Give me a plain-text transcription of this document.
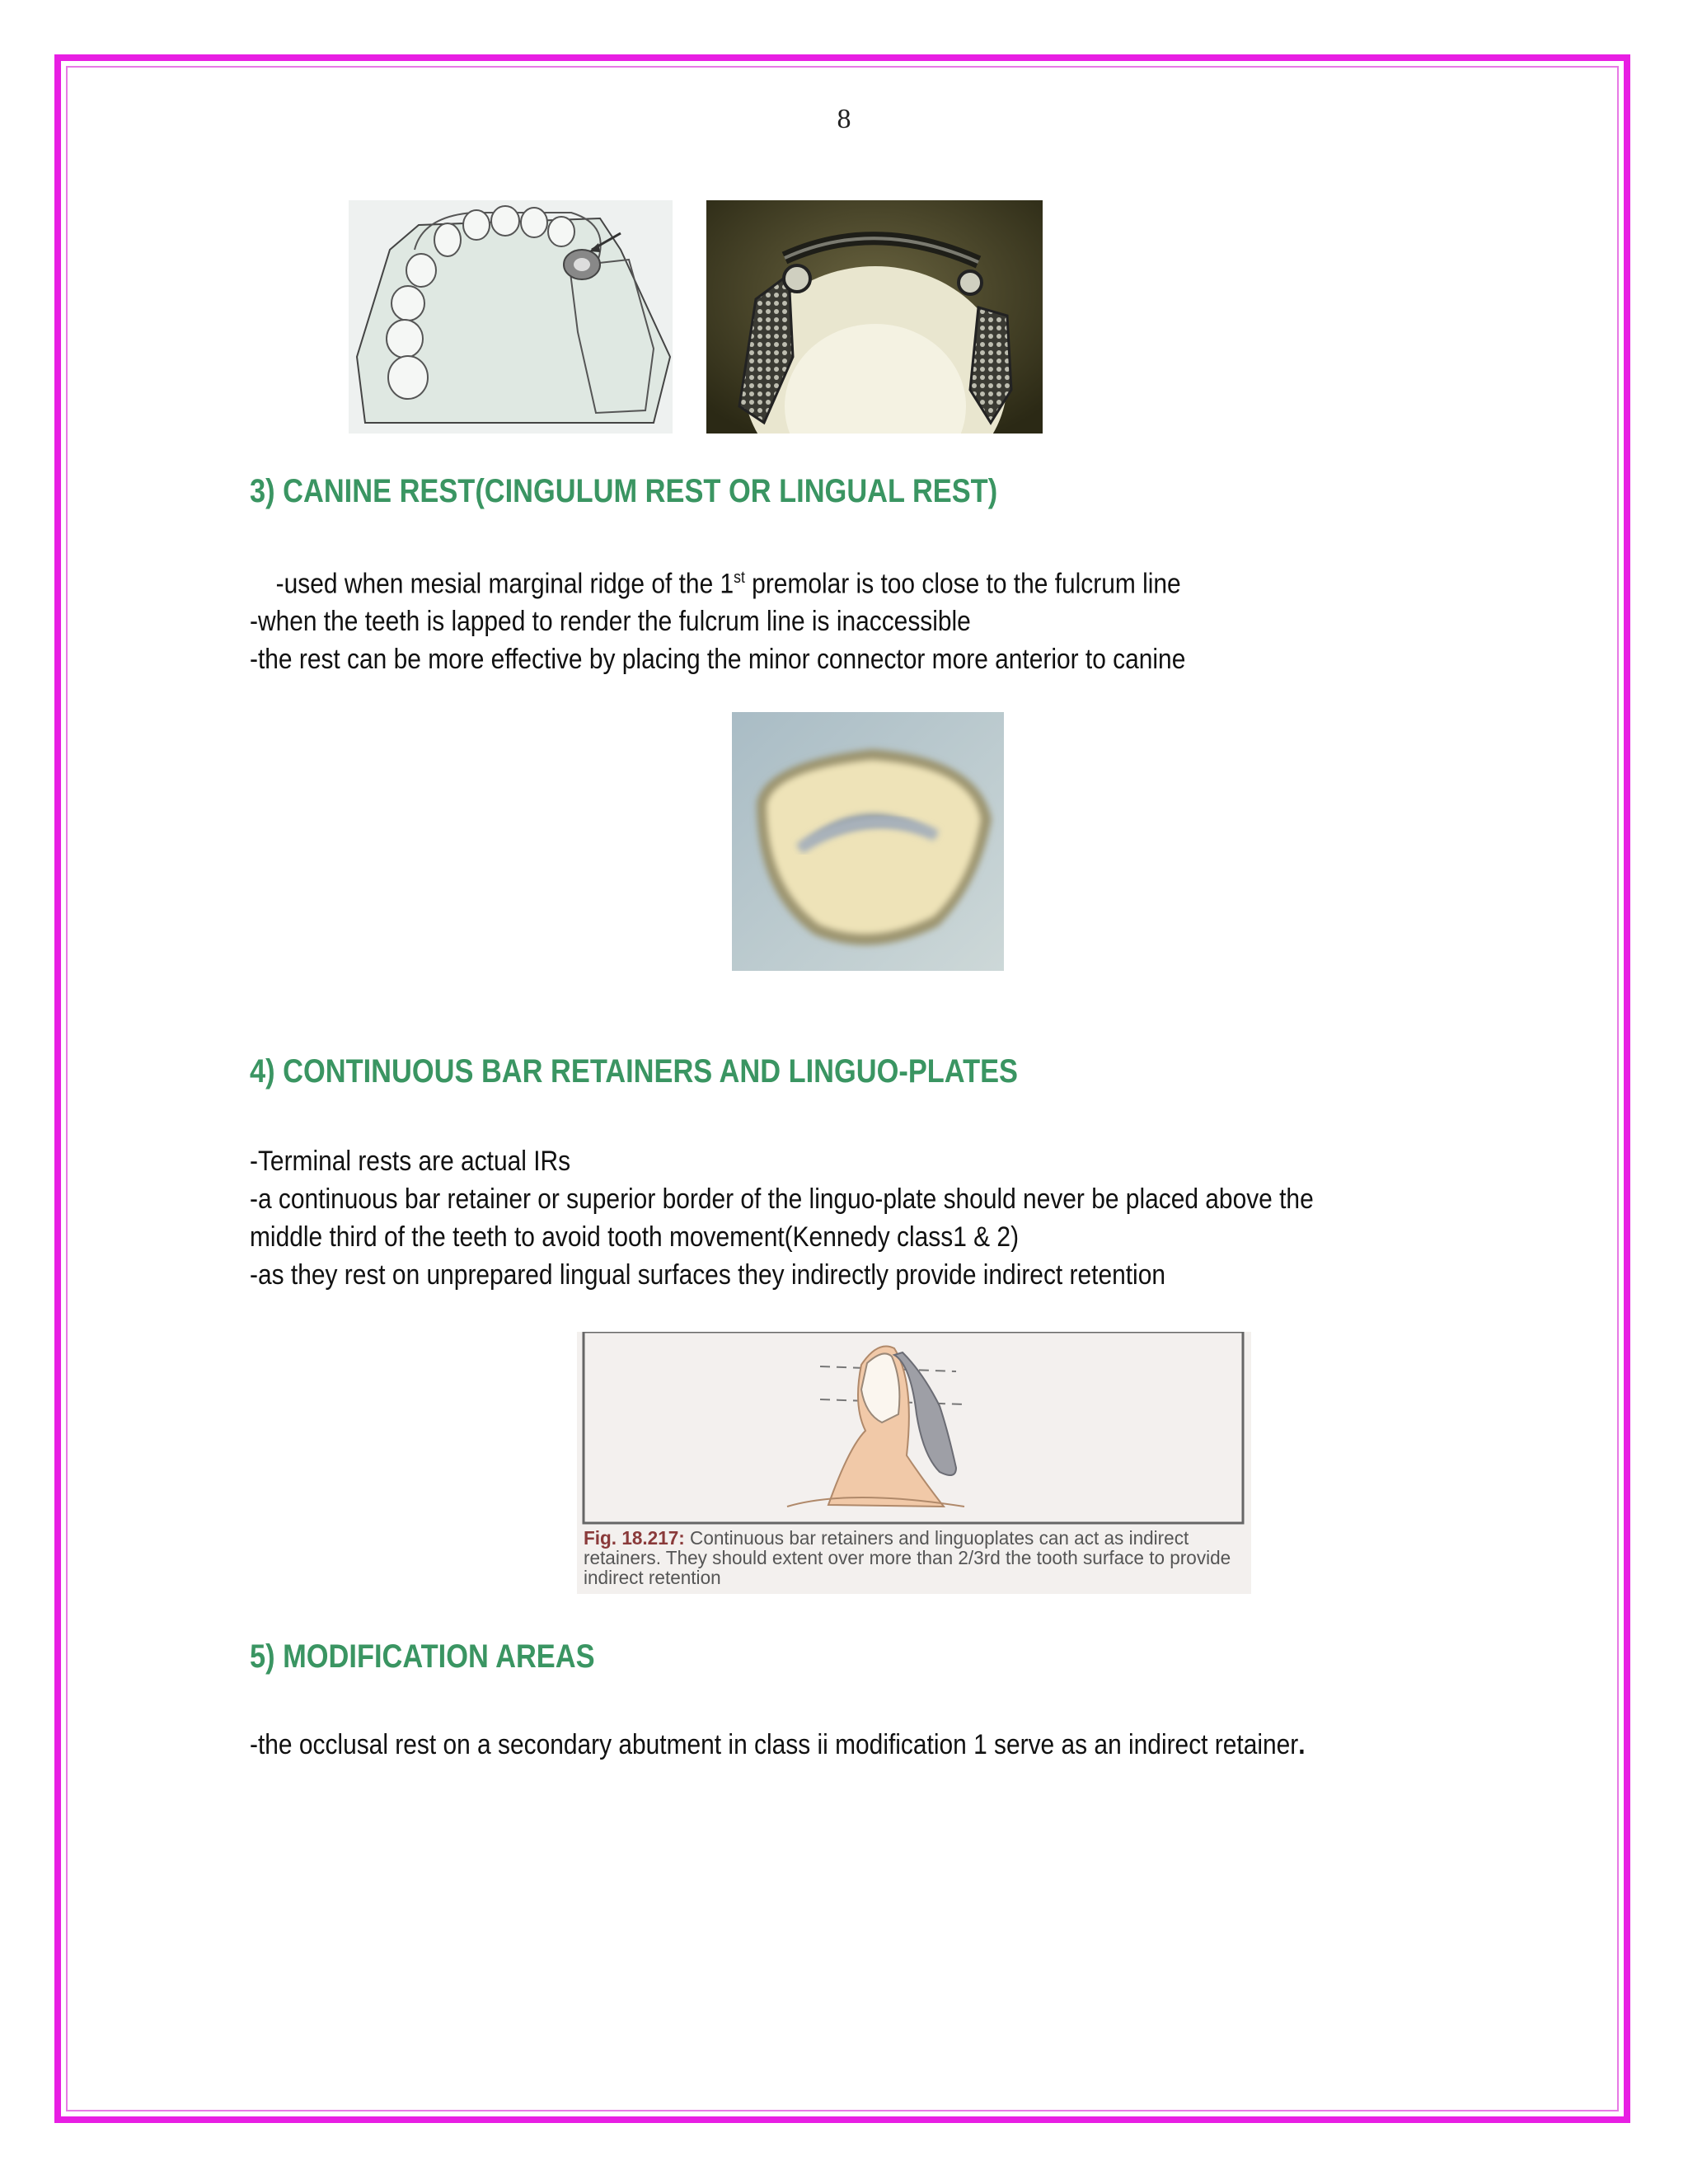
8
3) CANINE REST(CINGULUM REST OR LINGUAL REST)
-used when mesial marginal ridge of the 1st premolar is too close to the fulcrum line
-when the teeth is lapped to render the fulcrum line is inaccessible
-the rest can be more effective by placing the minor connector more anterior to canine
4) CONTINUOUS BAR RETAINERS AND LINGUO-PLATES
-Terminal rests are actual IRs
-a continuous bar retainer or superior border of the linguo-plate should never be placed above the
middle third of the teeth to avoid tooth movement(Kennedy class1 & 2)
-as they rest on unprepared lingual surfaces they indirectly provide indirect retention
Fig. 18.217: Continuous bar retainers and linguoplates can act as indirect retainers. They should extent over more than 2/3rd the tooth surface to provide indirect retention
5) MODIFICATION AREAS
-the occlusal rest on a secondary abutment in class ii modification 1 serve as an indirect retainer.
